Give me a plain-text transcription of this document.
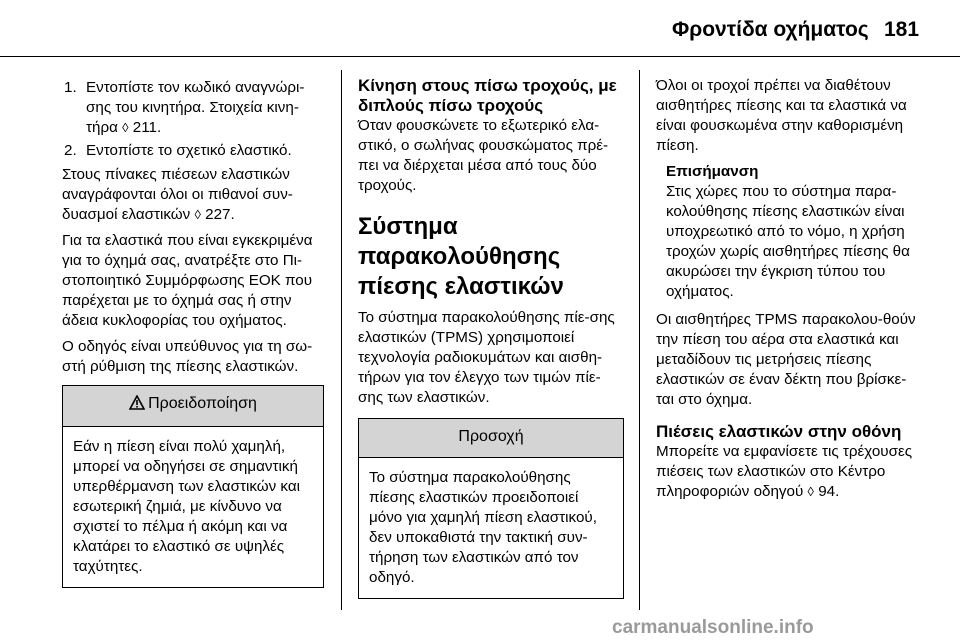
Φροντίδα οχήματος 181
1. Εντοπίστε τον κωδικό αναγνώρι-σης του κινητήρα. Στοιχεία κινη-τήρα ◊ 211.
2. Εντοπίστε το σχετικό ελαστικό.

Στους πίνακες πιέσεων ελαστικών αναγράφονται όλοι οι πιθανοί συν-δυασμοί ελαστικών ◊ 227.

Για τα ελαστικά που είναι εγκεκριμένα για το όχημά σας, ανατρέξτε στο Πι-στοποιητικό Συμμόρφωσης ΕΟΚ που παρέχεται με το όχημά σας ή στην άδεια κυκλοφορίας του οχήματος.

Ο οδηγός είναι υπεύθυνος για τη σω-στή ρύθμιση της πίεσης ελαστικών.

Προειδοποίηση
Εάν η πίεση είναι πολύ χαμηλή, μπορεί να οδηγήσει σε σημαντική υπερθέρμανση των ελαστικών και εσωτερική ζημιά, με κίνδυνο να σχιστεί το πέλμα ή ακόμη και να κλατάρει το ελαστικό σε υψηλές ταχύτητες.
Κίνηση στους πίσω τροχούς, με διπλούς πίσω τροχούς

Όταν φουσκώνετε το εξωτερικό ελα-στικό, ο σωλήνας φουσκώματος πρέ-πει να διέρχεται μέσα από τους δύο τροχούς.

Σύστημα παρακολούθησης πίεσης ελαστικών

Το σύστημα παρακολούθησης πίε-σης ελαστικών (TPMS) χρησιμοποιεί τεχνολογία ραδιοκυμάτων και αισθη-τήρων για τον έλεγχο των τιμών πίε-σης των ελαστικών.

Προσοχή
Το σύστημα παρακολούθησης πίεσης ελαστικών προειδοποιεί μόνο για χαμηλή πίεση ελαστικού, δεν υποκαθιστά την τακτική συν-τήρηση των ελαστικών από τον οδηγό.

Όλοι οι τροχοί πρέπει να διαθέτουν αισθητήρες πίεσης και τα ελαστικά να είναι φουσκωμένα στην καθορισμένη πίεση.

Επισήμανση
Στις χώρες που το σύστημα παρα-κολούθησης πίεσης ελαστικών είναι υποχρεωτικό από το νόμο, η χρήση τροχών χωρίς αισθητήρες πίεσης θα ακυρώσει την έγκριση τύπου του οχήματος.

Οι αισθητήρες TPMS παρακολου-θούν την πίεση του αέρα στα ελαστικά και μεταδίδουν τις μετρήσεις πίεσης ελαστικών σε έναν δέκτη που βρίσκε-ται στο όχημα.

Πιέσεις ελαστικών στην οθόνη

Μπορείτε να εμφανίσετε τις τρέχουσες πιέσεις των ελαστικών στο Κέντρο πληροφοριών οδηγού ◊ 94.

carmanualsonline.info
